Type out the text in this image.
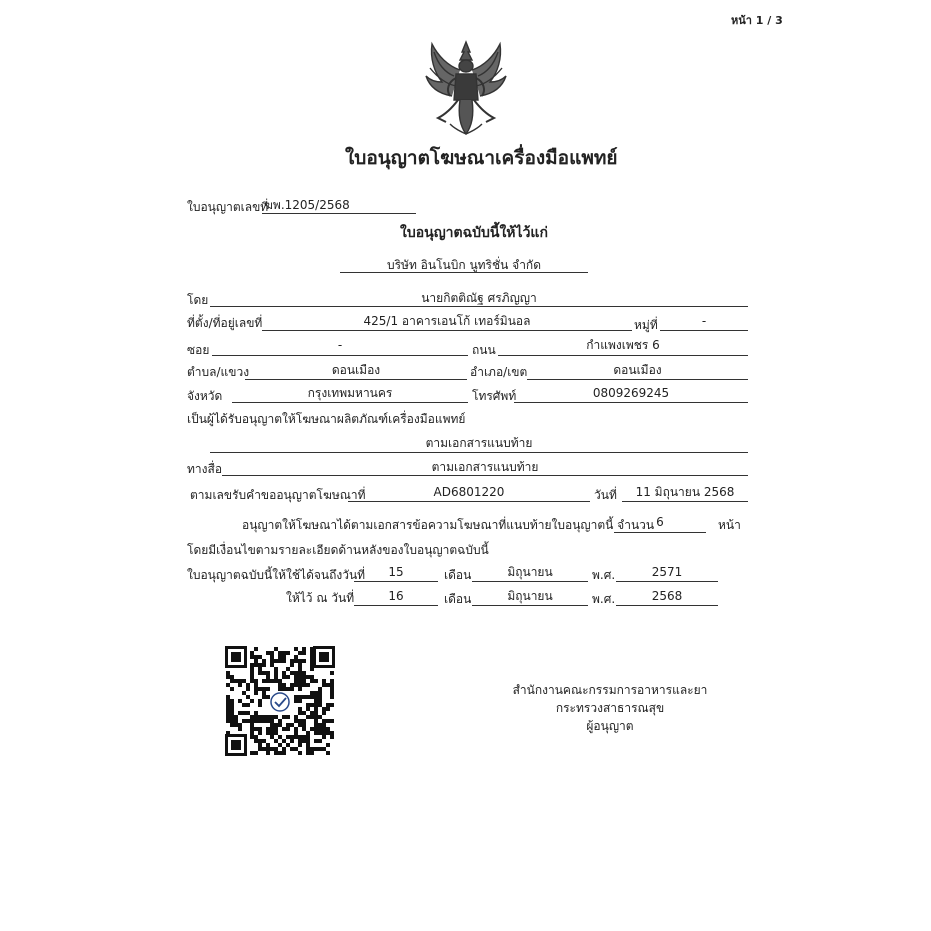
หน้า 1 / 3
ใบอนุญาตโฆษณาเครื่องมือแพทย์
ใบอนุญาตเลขที่
ฆพ.1205/2568
ใบอนุญาตฉบับนี้ให้ไว้แก่
บริษัท อินโนบิก นูทริชั่น จำกัด
โดย	นายกิตติณัฐ ศรภิญญา
ที่ตั้ง/ที่อยู่เลขที่	425/1 อาคารเอนโก้ เทอร์มินอล	หมู่ที่	-
ซอย	-	ถนน	กำแพงเพชร 6
ตำบล/แขวง	ดอนเมือง	อำเภอ/เขต	ดอนเมือง
จังหวัด	กรุงเทพมหานคร	โทรศัพท์	0809269245
เป็นผู้ได้รับอนุญาตให้โฆษณาผลิตภัณฑ์เครื่องมือแพทย์
ตามเอกสารแนบท้าย
ทางสื่อ	ตามเอกสารแนบท้าย
ตามเลขรับคำขออนุญาตโฆษณาที่	AD6801220	วันที่	11 มิถุนายน 2568
อนุญาตให้โฆษณาได้ตามเอกสารข้อความโฆษณาที่แนบท้ายใบอนุญาตนี้ จำนวน 6	หน้า
โดยมีเงื่อนไขตามรายละเอียดด้านหลังของใบอนุญาตฉบับนี้
ใบอนุญาตฉบับนี้ให้ใช้ได้จนถึงวันที่	15	เดือน	มิถุนายน	พ.ศ.	2571
ให้ไว้ ณ วันที่	16	เดือน	มิถุนายน	พ.ศ.	2568
สำนักงานคณะกรรมการอาหารและยา
กระทรวงสาธารณสุข
ผู้อนุญาต
